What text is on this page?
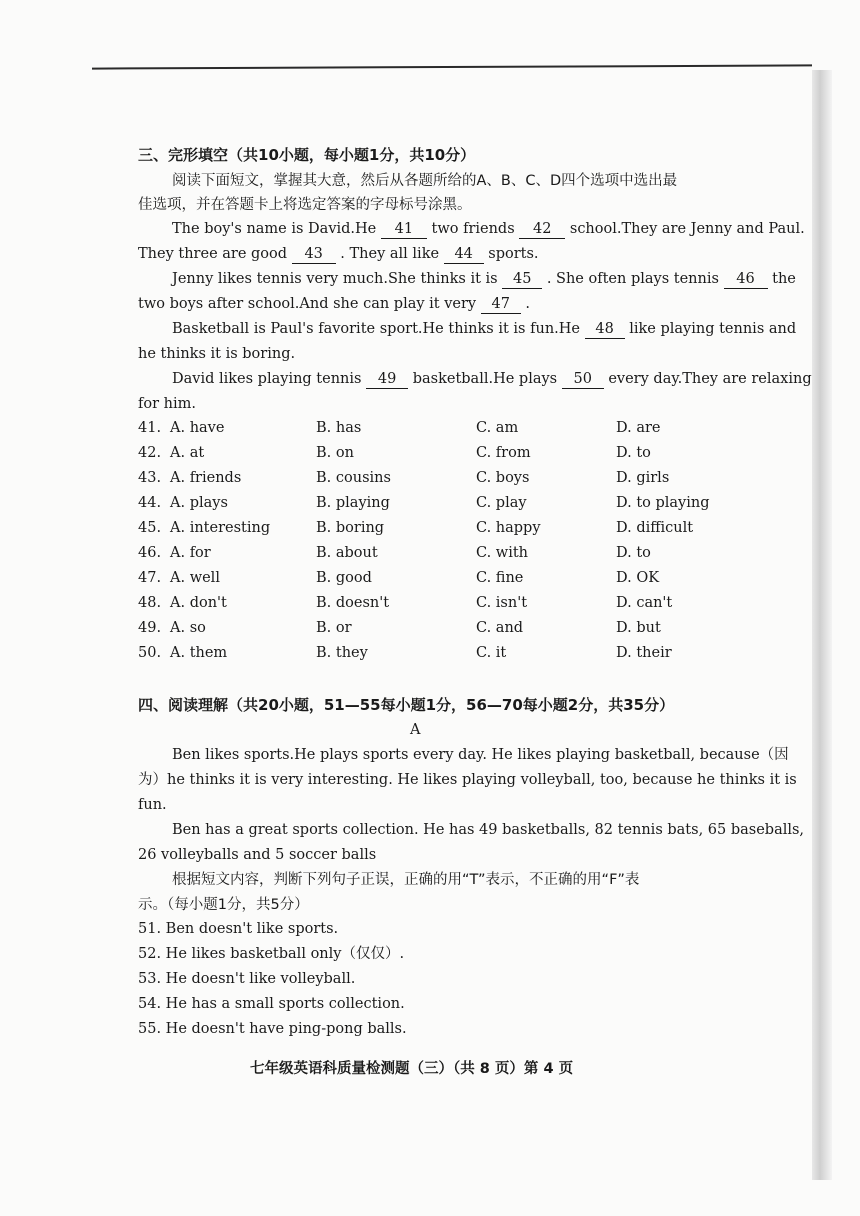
三、完形填空（共10小题，每小题1分，共10分）
阅读下面短文，掌握其大意，然后从各题所给的A、B、C、D四个选项中选出最
佳选项，并在答题卡上将选定答案的字母标号涂黑。
The boy's name is David.He 41 two friends 42 school.They are Jenny and Paul.
They three are good 43 . They all like 44 sports.
Jenny likes tennis very much.She thinks it is 45 . She often plays tennis 46 the
two boys after school.And she can play it very 47 .
Basketball is Paul's favorite sport.He thinks it is fun.He 48 like playing tennis and
he thinks it is boring.
David likes playing tennis 49 basketball.He plays 50 every day.They are relaxing
for him.
41. A. have	B. has	C. am	D. are
42. A. at	B. on	C. from	D. to
43. A. friends	B. cousins	C. boys	D. girls
44. A. plays	B. playing	C. play	D. to playing
45. A. interesting	B. boring	C. happy	D. difficult
46. A. for	B. about	C. with	D. to
47. A. well	B. good	C. fine	D. OK
48. A. don't	B. doesn't	C. isn't	D. can't
49. A. so	B. or	C. and	D. but
50. A. them	B. they	C. it	D. their
四、阅读理解（共20小题，51—55每小题1分，56—70每小题2分，共35分）
A
Ben likes sports.He plays sports every day. He likes playing basketball, because（因
为）he thinks it is very interesting. He likes playing volleyball, too, because he thinks it is
fun.
Ben has a great sports collection. He has 49 basketballs, 82 tennis bats, 65 baseballs,
26 volleyballs and 5 soccer balls
根据短文内容，判断下列句子正误，正确的用“T”表示，不正确的用“F”表
示。（每小题1分，共5分）
51. Ben doesn't like sports.
52. He likes basketball only（仅仅）.
53. He doesn't like volleyball.
54. He has a small sports collection.
55. He doesn't have ping-pong balls.
七年级英语科质量检测题（三）（共 8 页）第 4 页
